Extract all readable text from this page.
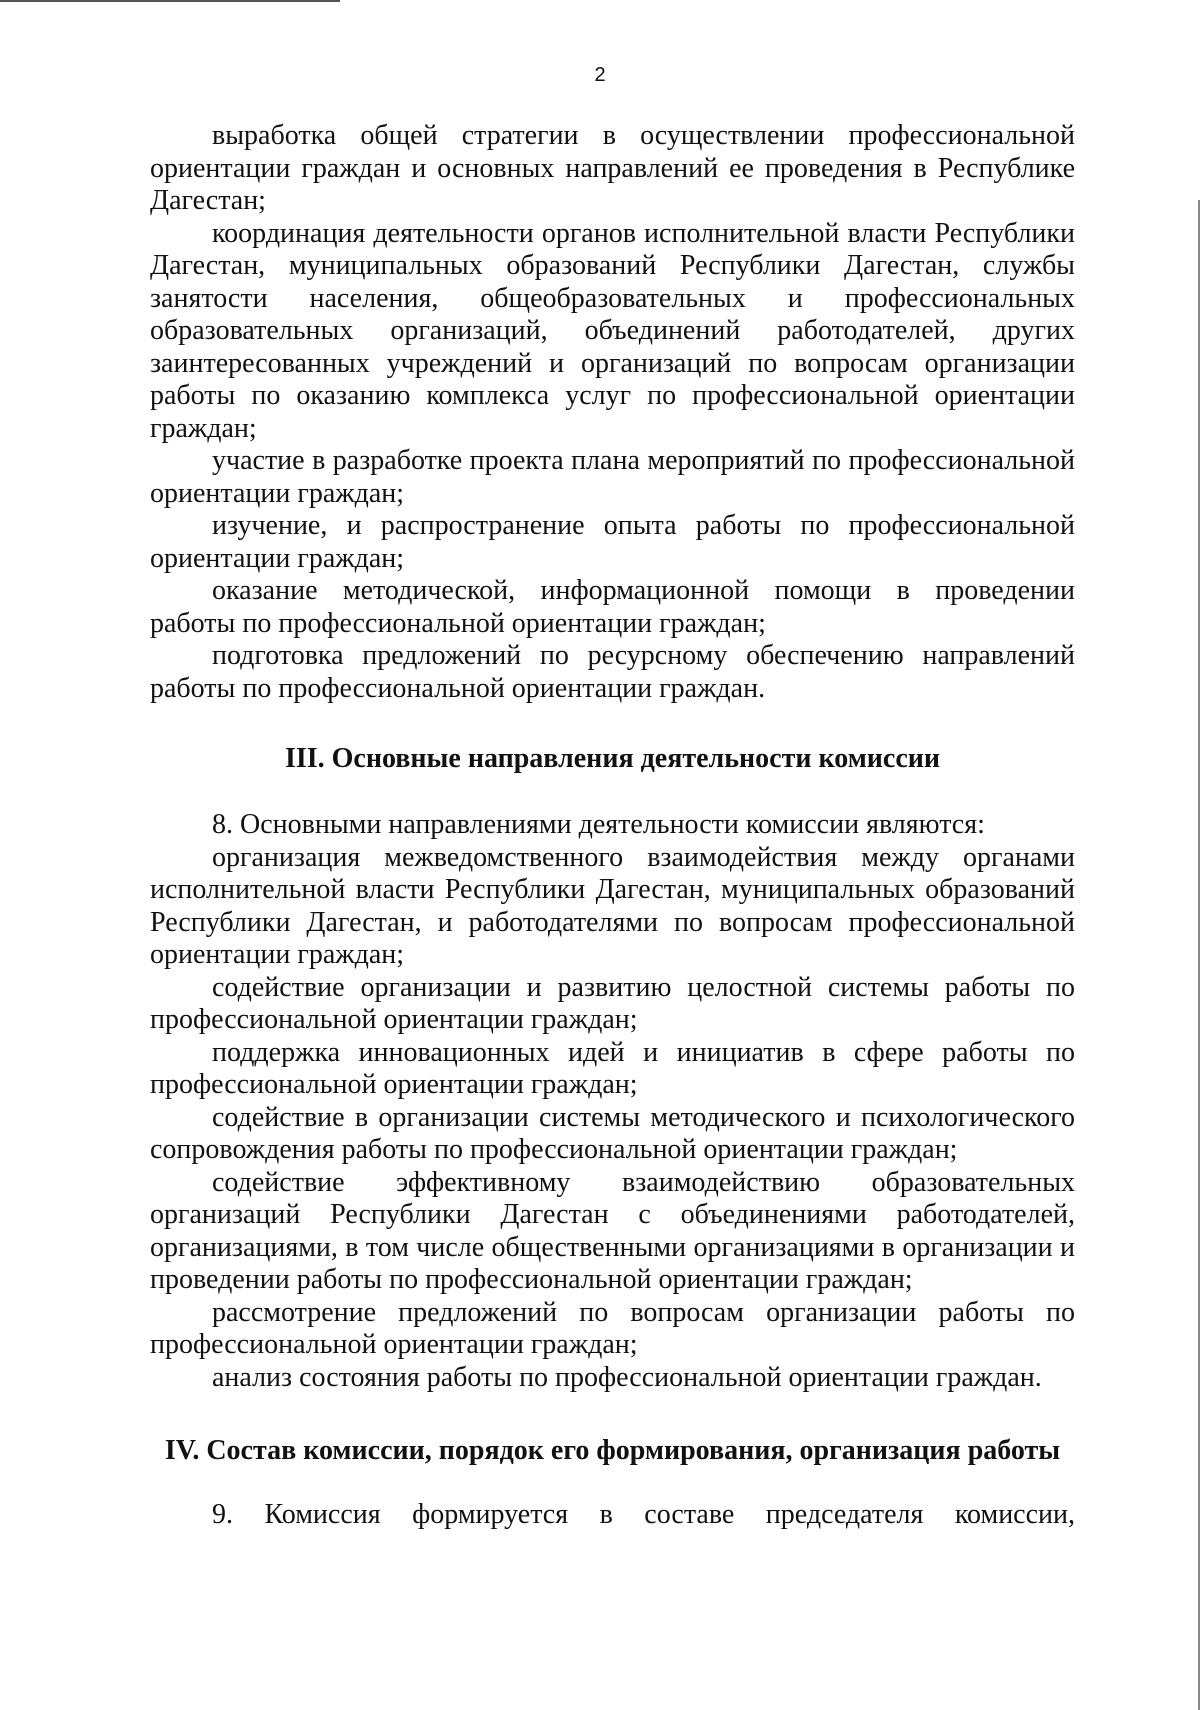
2

выработка общей стратегии в осуществлении профессиональной ориентации граждан и основных направлений ее проведения в Республике Дагестан;

координация деятельности органов исполнительной власти Республики Дагестан, муниципальных образований Республики Дагестан, службы занятости населения, общеобразовательных и профессиональных образовательных организаций, объединений работодателей, других заинтересованных учреждений и организаций по вопросам организации работы по оказанию комплекса услуг по профессиональной ориентации граждан;

участие в разработке проекта плана мероприятий по профессиональной ориентации граждан;

изучение, и распространение опыта работы по профессиональной ориентации граждан;

оказание методической, информационной помощи в проведении работы по профессиональной ориентации граждан;

подготовка предложений по ресурсному обеспечению направлений работы по профессиональной ориентации граждан.

III. Основные направления деятельности комиссии

8. Основными направлениями деятельности комиссии являются:

организация межведомственного взаимодействия между органами исполнительной власти Республики Дагестан, муниципальных образований Республики Дагестан, и работодателями по вопросам профессиональной ориентации граждан;

содействие организации и развитию целостной системы работы по профессиональной ориентации граждан;

поддержка инновационных идей и инициатив в сфере работы по профессиональной ориентации граждан;

содействие в организации системы методического и психологического сопровождения работы по профессиональной ориентации граждан;

содействие эффективному взаимодействию образовательных организаций Республики Дагестан с объединениями работодателей, организациями, в том числе общественными организациями в организации и проведении работы по профессиональной ориентации граждан;

рассмотрение предложений по вопросам организации работы по профессиональной ориентации граждан;

анализ состояния работы по профессиональной ориентации граждан.

IV. Состав комиссии, порядок его формирования, организация работы

9. Комиссия формируется в составе председателя комиссии,
